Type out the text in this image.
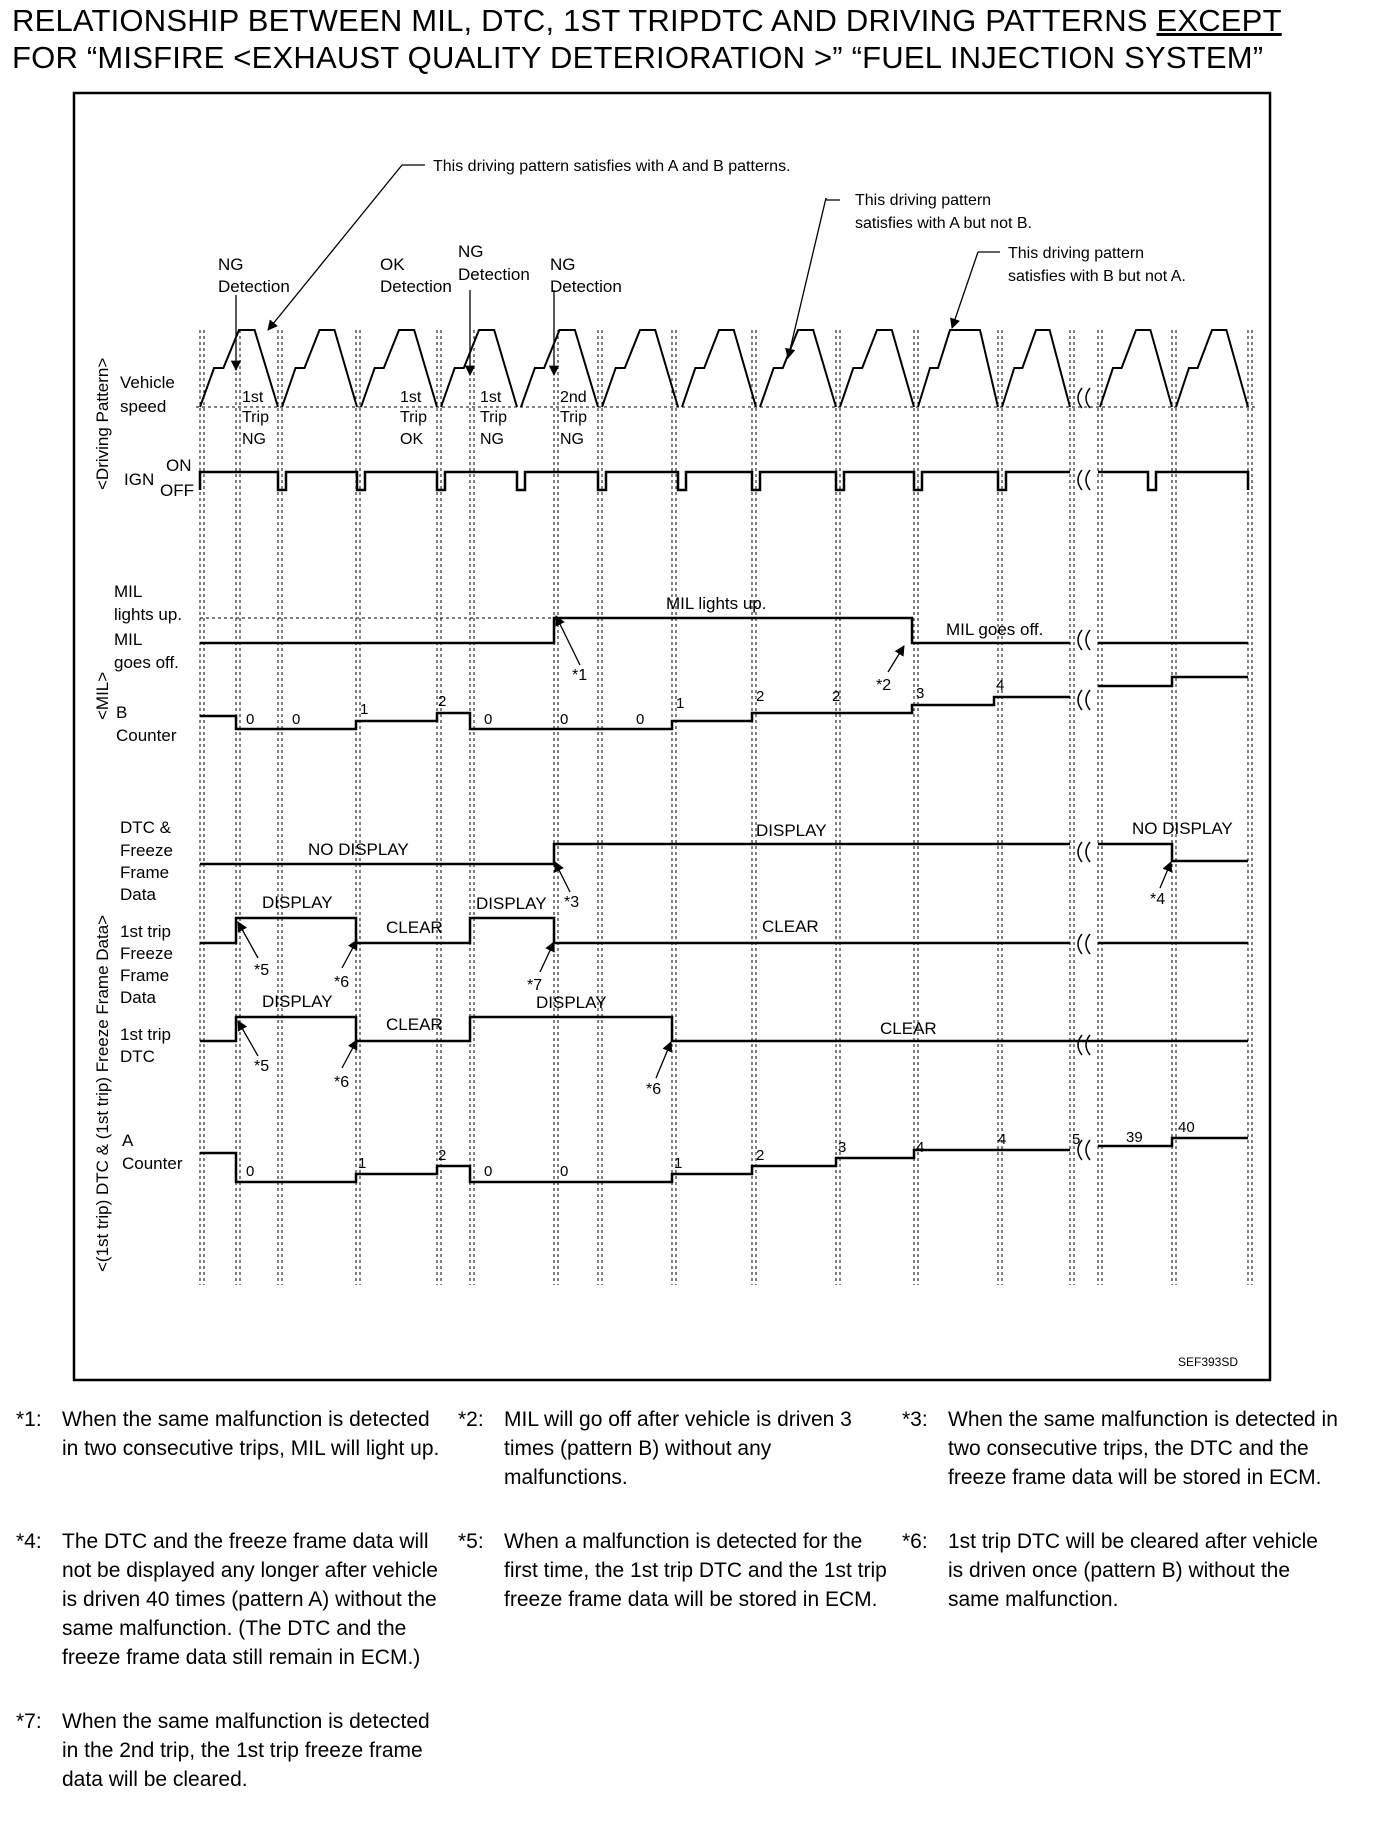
RELATIONSHIP BETWEEN MIL, DTC, 1ST TRIPDTC AND DRIVING PATTERNS EXCEPT
FOR “MISFIRE <EXHAUST QUALITY DETERIORATION >” “FUEL INJECTION SYSTEM”
This driving pattern satisfies with A and B patterns.
This driving pattern
satisfies with A but not B.
This driving pattern
satisfies with B but not A.
NG
Detection
OK
Detection
NG
Detection
NG
Detection
1st
Trip
NG
1st
Trip
OK
1st
Trip
NG
2nd
Trip
NG
<Driving Pattern>
<MIL>
<(1st trip) DTC & (1st trip) Freeze Frame Data>
Vehicle
speed
IGN
ON
OFF
MIL
lights up.
MIL
goes off.
B
Counter
DTC &
Freeze
Frame
Data
1st trip
Freeze
Frame
Data
1st trip
DTC
A
Counter
MIL lights up.
MIL goes off.
NO DISPLAY
DISPLAY	NO DISPLAY
DISPLAY
CLEAR
DISPLAY
CLEAR
DISPLAY
CLEAR
DISPLAY
CLEAR
*1
*2
*3	*4
*5
*5
*6
*6	*6
*7
0	0
1	2
0	0	0
1	2	2	3	4
0	1	2
0	0	1	2	3	4	4	5	39
40
SEF393SD
*1: When the same malfunction is detected in two consecutive trips, MIL will light up.
*2: MIL will go off after vehicle is driven 3 times (pattern B) without any malfunctions.
*3: When the same malfunction is detected in two consecutive trips, the DTC and the freeze frame data will be stored in ECM.
*4: The DTC and the freeze frame data will not be displayed any longer after vehicle is driven 40 times (pattern A) without the same malfunction. (The DTC and the freeze frame data still remain in ECM.)
*5: When a malfunction is detected for the first time, the 1st trip DTC and the 1st trip freeze frame data will be stored in ECM.
*6: 1st trip DTC will be cleared after vehicle is driven once (pattern B) without the same malfunction.
*7: When the same malfunction is detected in the 2nd trip, the 1st trip freeze frame data will be cleared.
